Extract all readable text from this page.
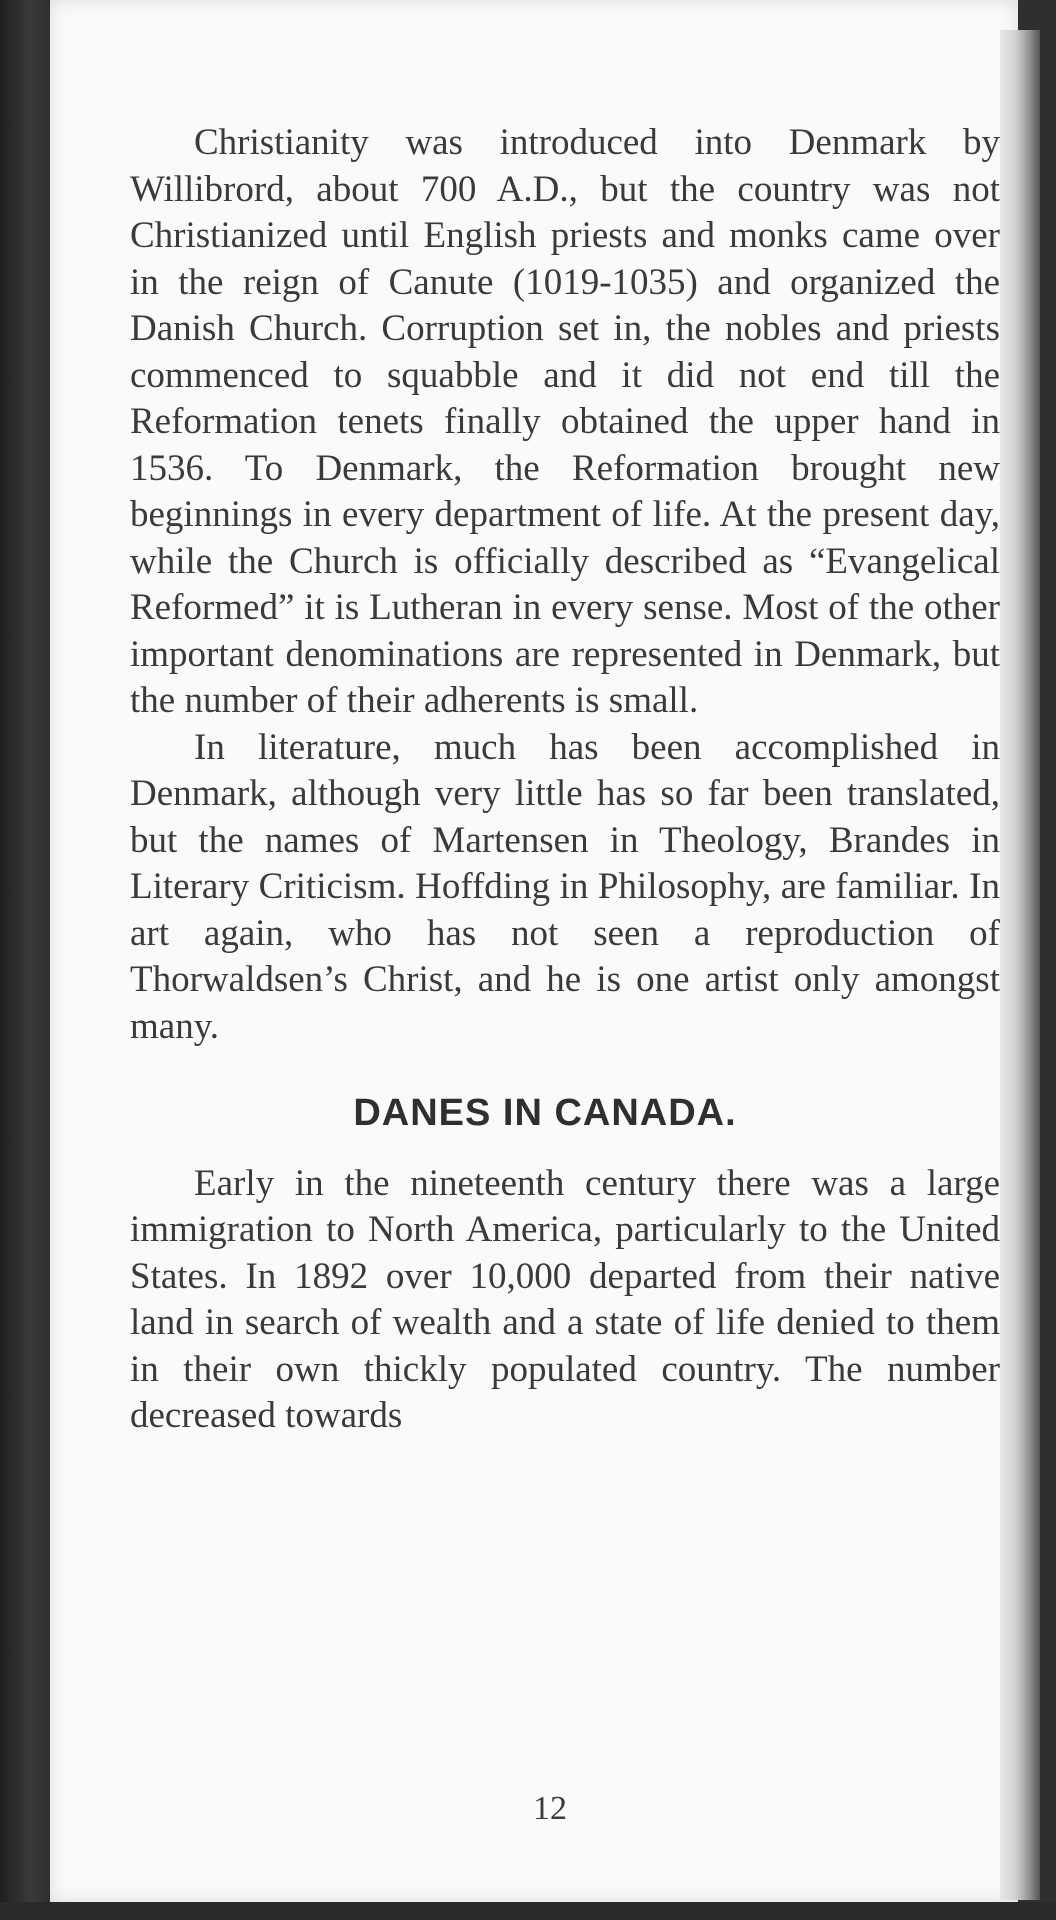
Christianity was introduced into Denmark by Willibrord, about 700 A.D., but the country was not Christianized until English priests and monks came over in the reign of Canute (1019-1035) and organized the Danish Church. Corruption set in, the nobles and priests commenced to squabble and it did not end till the Reformation tenets finally obtained the upper hand in 1536. To Denmark, the Reformation brought new beginnings in every department of life. At the present day, while the Church is officially described as “Evangelical Reformed” it is Lutheran in every sense. Most of the other important denominations are represented in Denmark, but the number of their adherents is small.

In literature, much has been accomplished in Denmark, although very little has so far been translated, but the names of Martensen in Theology, Brandes in Literary Criticism. Hoffding in Philosophy, are familiar. In art again, who has not seen a reproduction of Thorwaldsen’s Christ, and he is one artist only amongst many.

DANES IN CANADA.

Early in the nineteenth century there was a large immigration to North America, particularly to the United States. In 1892 over 10,000 departed from their native land in search of wealth and a state of life denied to them in their own thickly populated country. The number decreased towards

12
